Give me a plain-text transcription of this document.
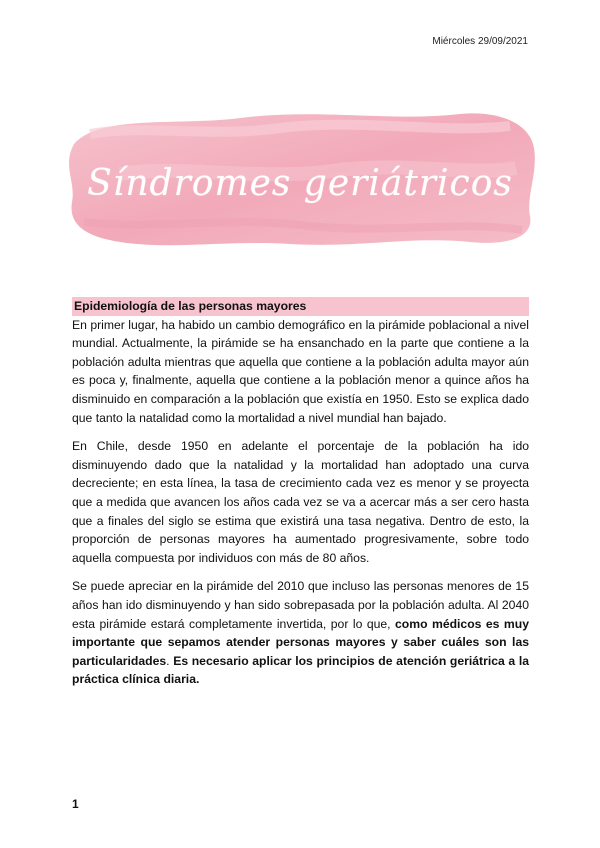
Miércoles 29/09/2021
Síndromes geriátricos

Epidemiología de las personas mayores

En primer lugar, ha habido un cambio demográfico en la pirámide poblacional a nivel mundial. Actualmente, la pirámide se ha ensanchado en la parte que contiene a la población adulta mientras que aquella que contiene a la población adulta mayor aún es poca y, finalmente, aquella que contiene a la población menor a quince años ha disminuido en comparación a la población que existía en 1950. Esto se explica dado que tanto la natalidad como la mortalidad a nivel mundial han bajado.

En Chile, desde 1950 en adelante el porcentaje de la población ha ido disminuyendo dado que la natalidad y la mortalidad han adoptado una curva decreciente; en esta línea, la tasa de crecimiento cada vez es menor y se proyecta que a medida que avancen los años cada vez se va a acercar más a ser cero hasta que a finales del siglo se estima que existirá una tasa negativa. Dentro de esto, la proporción de personas mayores ha aumentado progresivamente, sobre todo aquella compuesta por individuos con más de 80 años.

Se puede apreciar en la pirámide del 2010 que incluso las personas menores de 15 años han ido disminuyendo y han sido sobrepasada por la población adulta. Al 2040 esta pirámide estará completamente invertida, por lo que, como médicos es muy importante que sepamos atender personas mayores y saber cuáles son las particularidades. Es necesario aplicar los principios de atención geriátrica a la práctica clínica diaria.

1
